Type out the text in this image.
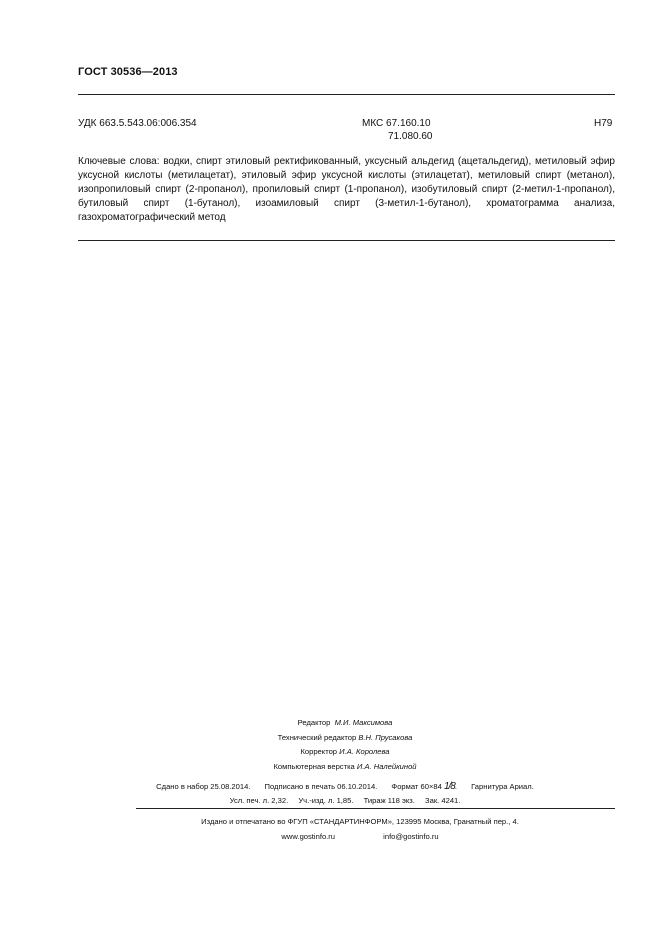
ГОСТ 30536—2013
УДК 663.5.543.06:006.354	МКС 67.160.10
71.080.60
Н79

Ключевые слова: водки, спирт этиловый ректификованный, уксусный альдегид (ацетальдегид), метиловый эфир уксусной кислоты (метилацетат), этиловый эфир уксусной кислоты (этилацетат), метиловый спирт (метанол), изопропиловый спирт (2-пропанол), пропиловый спирт (1-пропанол), изобутиловый спирт (2-метил-1-пропанол), бутиловый спирт (1-бутанол), изоамиловый спирт (3-метил-1-бутанол), хроматограмма анализа, газохроматографический метод

Редактор М.И. Максимова
Технический редактор В.Н. Прусакова
Корректор И.А. Королева
Компьютерная верстка И.А. Налейкиной
Сдано в набор 25.08.2014. Подписано в печать 06.10.2014. Формат 60×84 1/8. Гарнитура Ариал.
Усл. печ. л. 2,32. Уч.-изд. л. 1,85. Тираж 118 экз. Зак. 4241.
Издано и отпечатано во ФГУП «СТАНДАРТИНФОРМ», 123995 Москва, Гранатный пер., 4.
www.gostinfo.ru	info@gostinfo.ru
